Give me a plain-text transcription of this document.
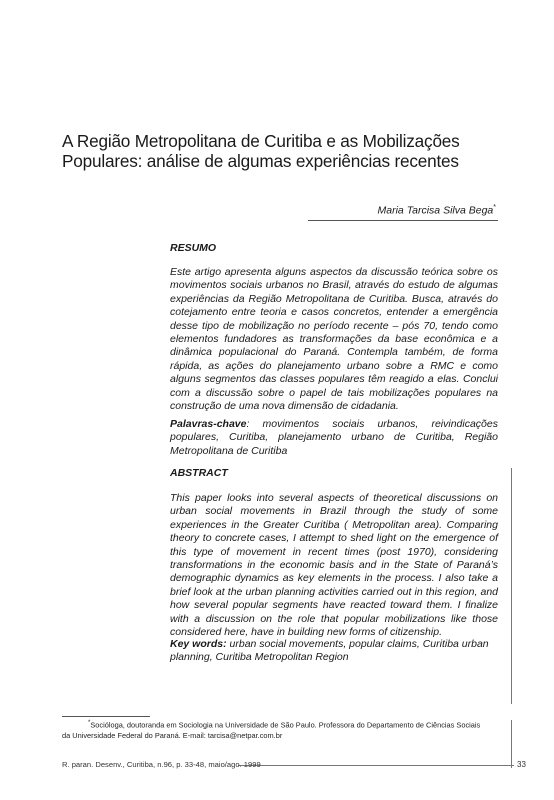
A Região Metropolitana de Curitiba e as Mobilizações
Populares: análise de algumas experiências recentes
Maria Tarcisa Silva Bega*
RESUMO
Este artigo apresenta alguns aspectos da discussão teórica sobre os movimentos sociais urbanos no Brasil, através do estudo de algumas experiências da Região Metropolitana de Curitiba. Busca, através do cotejamento entre teoria e casos concretos, entender a emergência desse tipo de mobilização no período recente – pós 70, tendo como elementos fundadores as transformações da base econômica e a dinâmica populacional do Paraná. Contempla também, de forma rápida, as ações do planejamento urbano sobre a RMC e como alguns segmentos das classes populares têm reagido a elas. Conclui com a discussão sobre o papel de tais mobilizações populares na construção de uma nova dimensão de cidadania.
Palavras-chave: movimentos sociais urbanos, reivindicações populares, Curitiba, planejamento urbano de Curitiba, Região Metropolitana de Curitiba
ABSTRACT
This paper looks into several aspects of theoretical discussions on urban social movements in Brazil through the study of some experiences in the Greater Curitiba ( Metropolitan area). Comparing theory to concrete cases, I attempt to shed light on the emergence of this type of movement in recent times (post 1970), considering transformations in the economic basis and in the State of Paraná’s demographic dynamics as key elements in the process. I also take a brief look at the urban planning activities carried out in this region, and how several popular segments have reacted toward them. I finalize with a discussion on the role that popular mobilizations like those considered here, have in building new forms of citizenship.
Key words: urban social movements, popular claims, Curitiba urban planning, Curitiba Metropolitan Region
*Socióloga, doutoranda em Sociologia na Universidade de São Paulo. Professora do Departamento de Ciências Sociais
da Universidade Federal do Paraná. E-mail: tarcisa@netpar.com.br
R. paran. Desenv., Curitiba, n.96, p. 33-48, maio/ago. 1999	33
